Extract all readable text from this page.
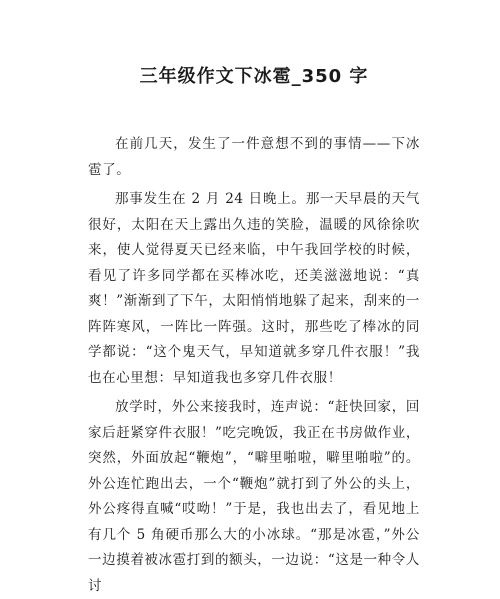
三年级作文下冰雹_350 字

在前几天，发生了一件意想不到的事情——下冰雹了。

那事发生在 2 月 24 日晚上。那一天早晨的天气很好，太阳在天上露出久违的笑脸，温暖的风徐徐吹来，使人觉得夏天已经来临，中午我回学校的时候，看见了许多同学都在买棒冰吃，还美滋滋地说：“真爽！”渐渐到了下午，太阳悄悄地躲了起来，刮来的一阵阵寒风，一阵比一阵强。这时，那些吃了棒冰的同学都说：“这个鬼天气，早知道就多穿几件衣服！”我也在心里想：早知道我也多穿几件衣服！

放学时，外公来接我时，连声说：“赶快回家，回家后赶紧穿件衣服！”吃完晚饭，我正在书房做作业，突然，外面放起“鞭炮”，“噼里啪啦，噼里啪啦”的。外公连忙跑出去，一个“鞭炮”就打到了外公的头上，外公疼得直喊“哎呦！”于是，我也出去了，看见地上有几个 5 角硬币那么大的小冰球。“那是冰雹，”外公一边摸着被冰雹打到的额头，一边说：“这是一种令人讨
